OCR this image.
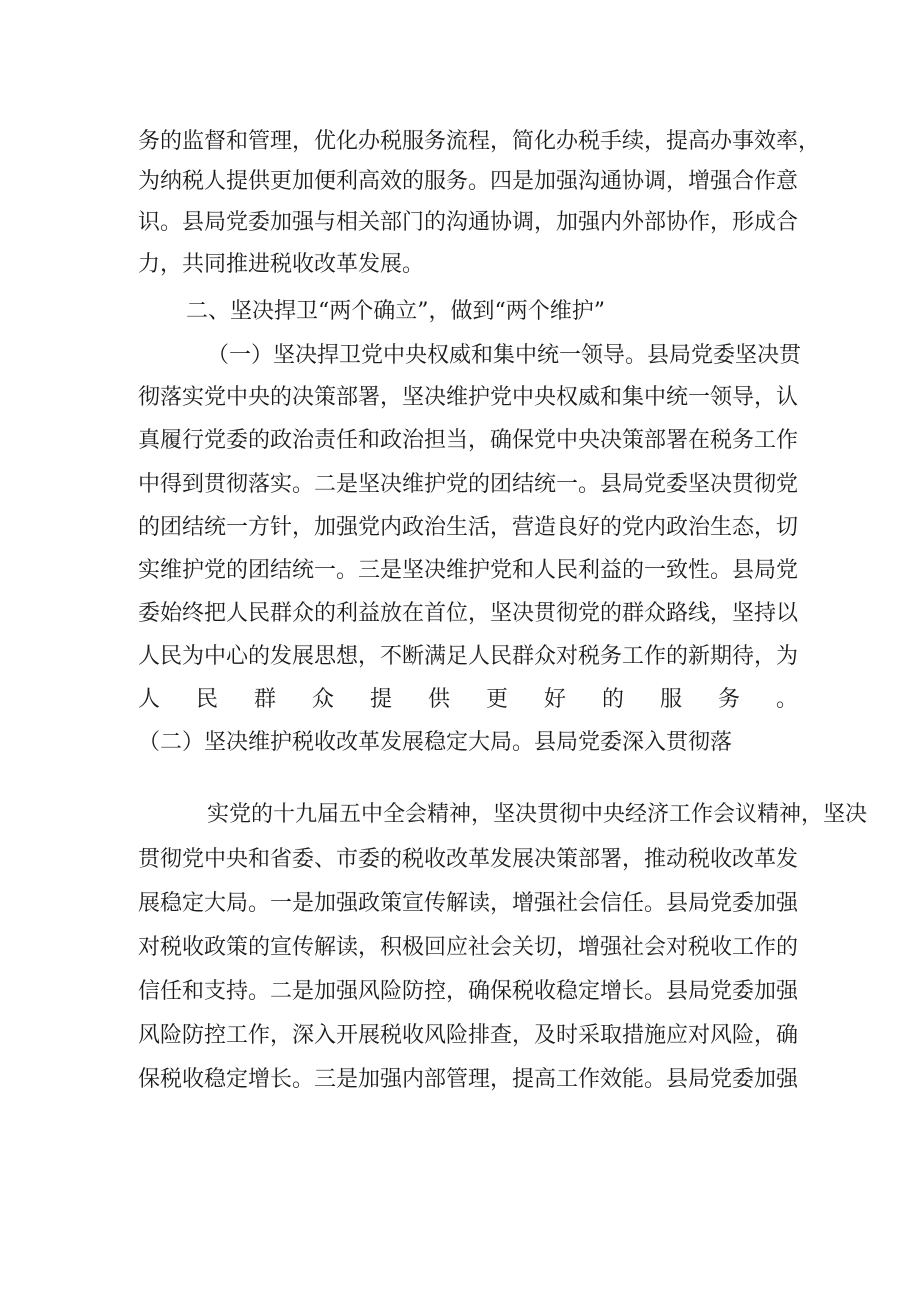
务的监督和管理，优化办税服务流程，简化办税手续，提高办事效率，
为纳税人提供更加便利高效的服务。四是加强沟通协调，增强合作意
识。县局党委加强与相关部门的沟通协调，加强内外部协作，形成合
力，共同推进税收改革发展。
二、坚决捍卫“两个确立”，做到“两个维护”
（一）坚决捍卫党中央权威和集中统一领导。县局党委坚决贯
彻落实党中央的决策部署，坚决维护党中央权威和集中统一领导，认
真履行党委的政治责任和政治担当，确保党中央决策部署在税务工作
中得到贯彻落实。二是坚决维护党的团结统一。县局党委坚决贯彻党
的团结统一方针，加强党内政治生活，营造良好的党内政治生态，切
实维护党的团结统一。三是坚决维护党和人民利益的一致性。县局党
委始终把人民群众的利益放在首位，坚决贯彻党的群众路线，坚持以
人民为中心的发展思想，不断满足人民群众对税务工作的新期待，为
人民群众提供更好的服务。
（二）坚决维护税收改革发展稳定大局。县局党委深入贯彻落
实党的十九届五中全会精神，坚决贯彻中央经济工作会议精神，坚决
贯彻党中央和省委、市委的税收改革发展决策部署，推动税收改革发
展稳定大局。一是加强政策宣传解读，增强社会信任。县局党委加强
对税收政策的宣传解读，积极回应社会关切，增强社会对税收工作的
信任和支持。二是加强风险防控，确保税收稳定增长。县局党委加强
风险防控工作，深入开展税收风险排查，及时采取措施应对风险，确
保税收稳定增长。三是加强内部管理，提高工作效能。县局党委加强
